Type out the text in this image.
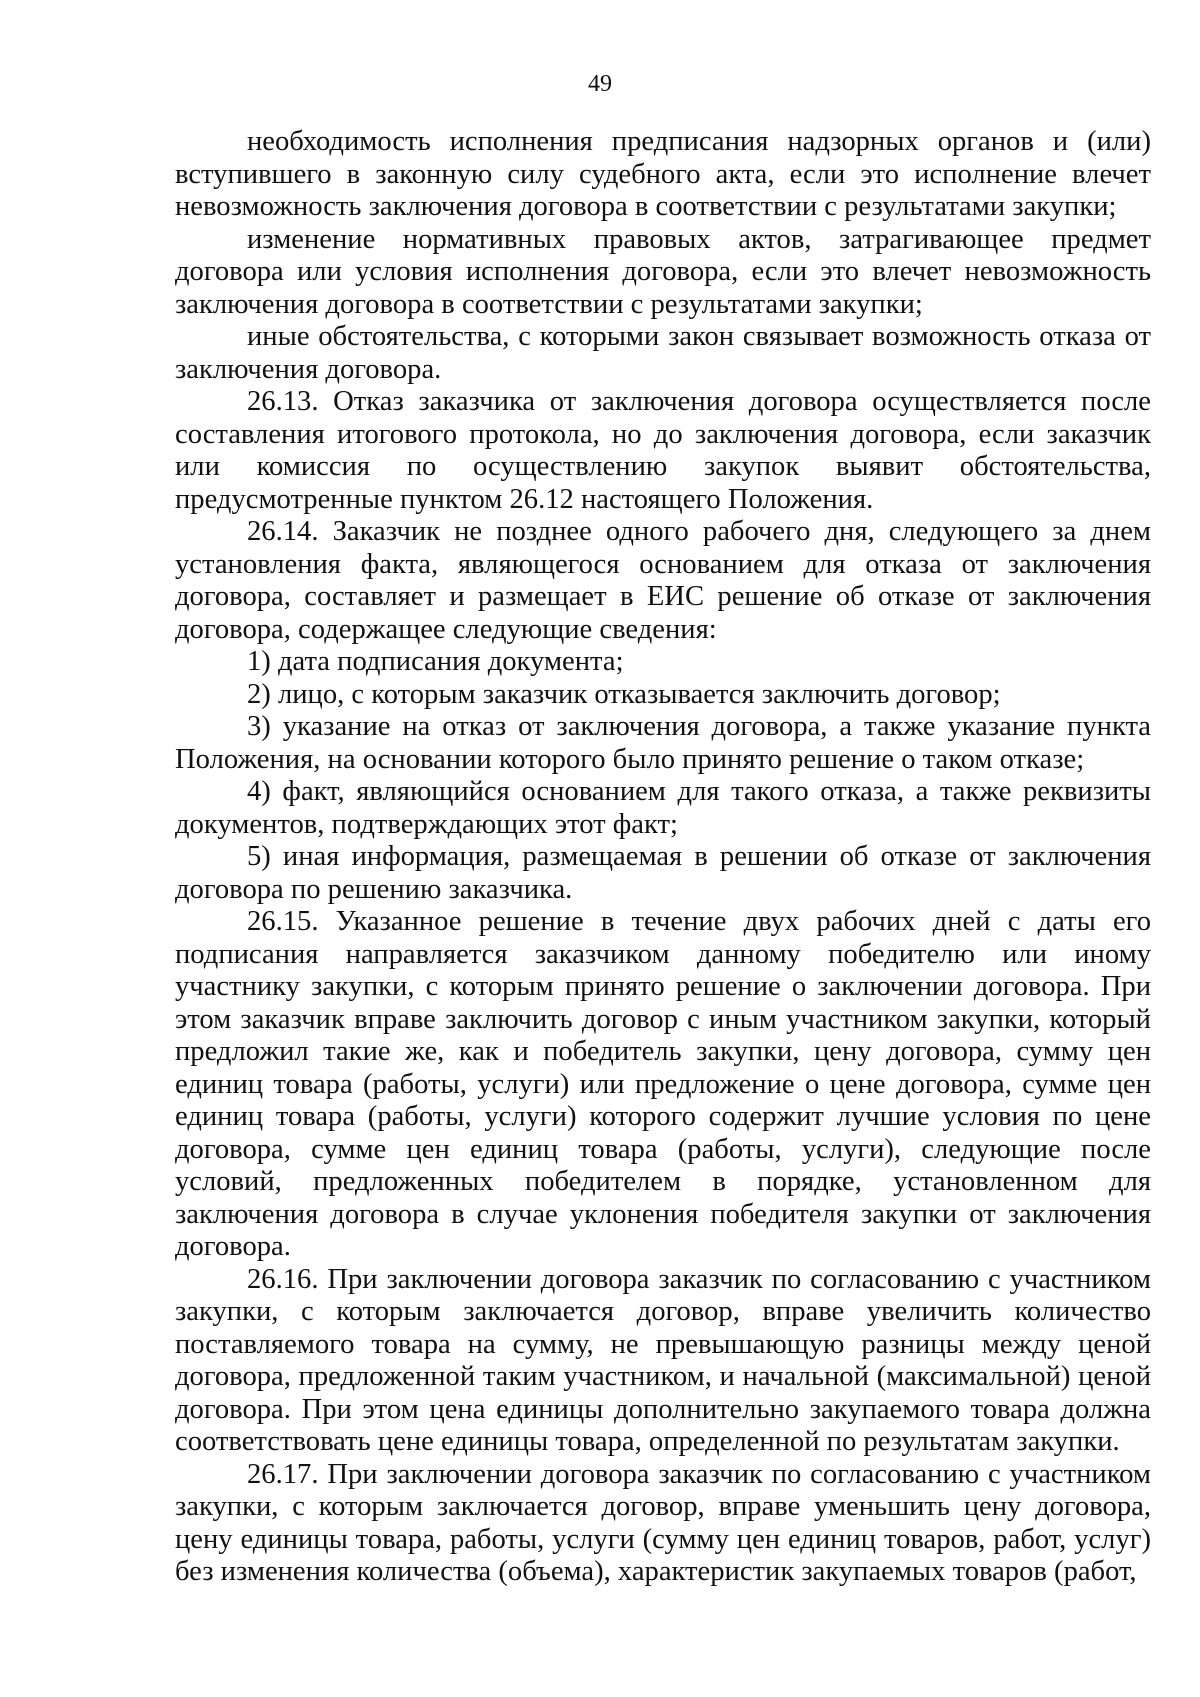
49

необходимость исполнения предписания надзорных органов и (или) вступившего в законную силу судебного акта, если это исполнение влечет невозможность заключения договора в соответствии с результатами закупки;

изменение нормативных правовых актов, затрагивающее предмет договора или условия исполнения договора, если это влечет невозможность заключения договора в соответствии с результатами закупки;

иные обстоятельства, с которыми закон связывает возможность отказа от заключения договора.

26.13. Отказ заказчика от заключения договора осуществляется после составления итогового протокола, но до заключения договора, если заказчик или комиссия по осуществлению закупок выявит обстоятельства, предусмотренные пунктом 26.12 настоящего Положения.

26.14. Заказчик не позднее одного рабочего дня, следующего за днем установления факта, являющегося основанием для отказа от заключения договора, составляет и размещает в ЕИС решение об отказе от заключения договора, содержащее следующие сведения:

1) дата подписания документа;

2) лицо, с которым заказчик отказывается заключить договор;

3) указание на отказ от заключения договора, а также указание пункта Положения, на основании которого было принято решение о таком отказе;

4) факт, являющийся основанием для такого отказа, а также реквизиты документов, подтверждающих этот факт;

5) иная информация, размещаемая в решении об отказе от заключения договора по решению заказчика.

26.15. Указанное решение в течение двух рабочих дней с даты его подписания направляется заказчиком данному победителю или иному участнику закупки, с которым принято решение о заключении договора. При этом заказчик вправе заключить договор с иным участником закупки, который предложил такие же, как и победитель закупки, цену договора, сумму цен единиц товара (работы, услуги) или предложение о цене договора, сумме цен единиц товара (работы, услуги) которого содержит лучшие условия по цене договора, сумме цен единиц товара (работы, услуги), следующие после условий, предложенных победителем в порядке, установленном для заключения договора в случае уклонения победителя закупки от заключения договора.

26.16. При заключении договора заказчик по согласованию с участником закупки, с которым заключается договор, вправе увеличить количество поставляемого товара на сумму, не превышающую разницы между ценой договора, предложенной таким участником, и начальной (максимальной) ценой договора. При этом цена единицы дополнительно закупаемого товара должна соответствовать цене единицы товара, определенной по результатам закупки.

26.17. При заключении договора заказчик по согласованию с участником закупки, с которым заключается договор, вправе уменьшить цену договора, цену единицы товара, работы, услуги (сумму цен единиц товаров, работ, услуг) без изменения количества (объема), характеристик закупаемых товаров (работ,
